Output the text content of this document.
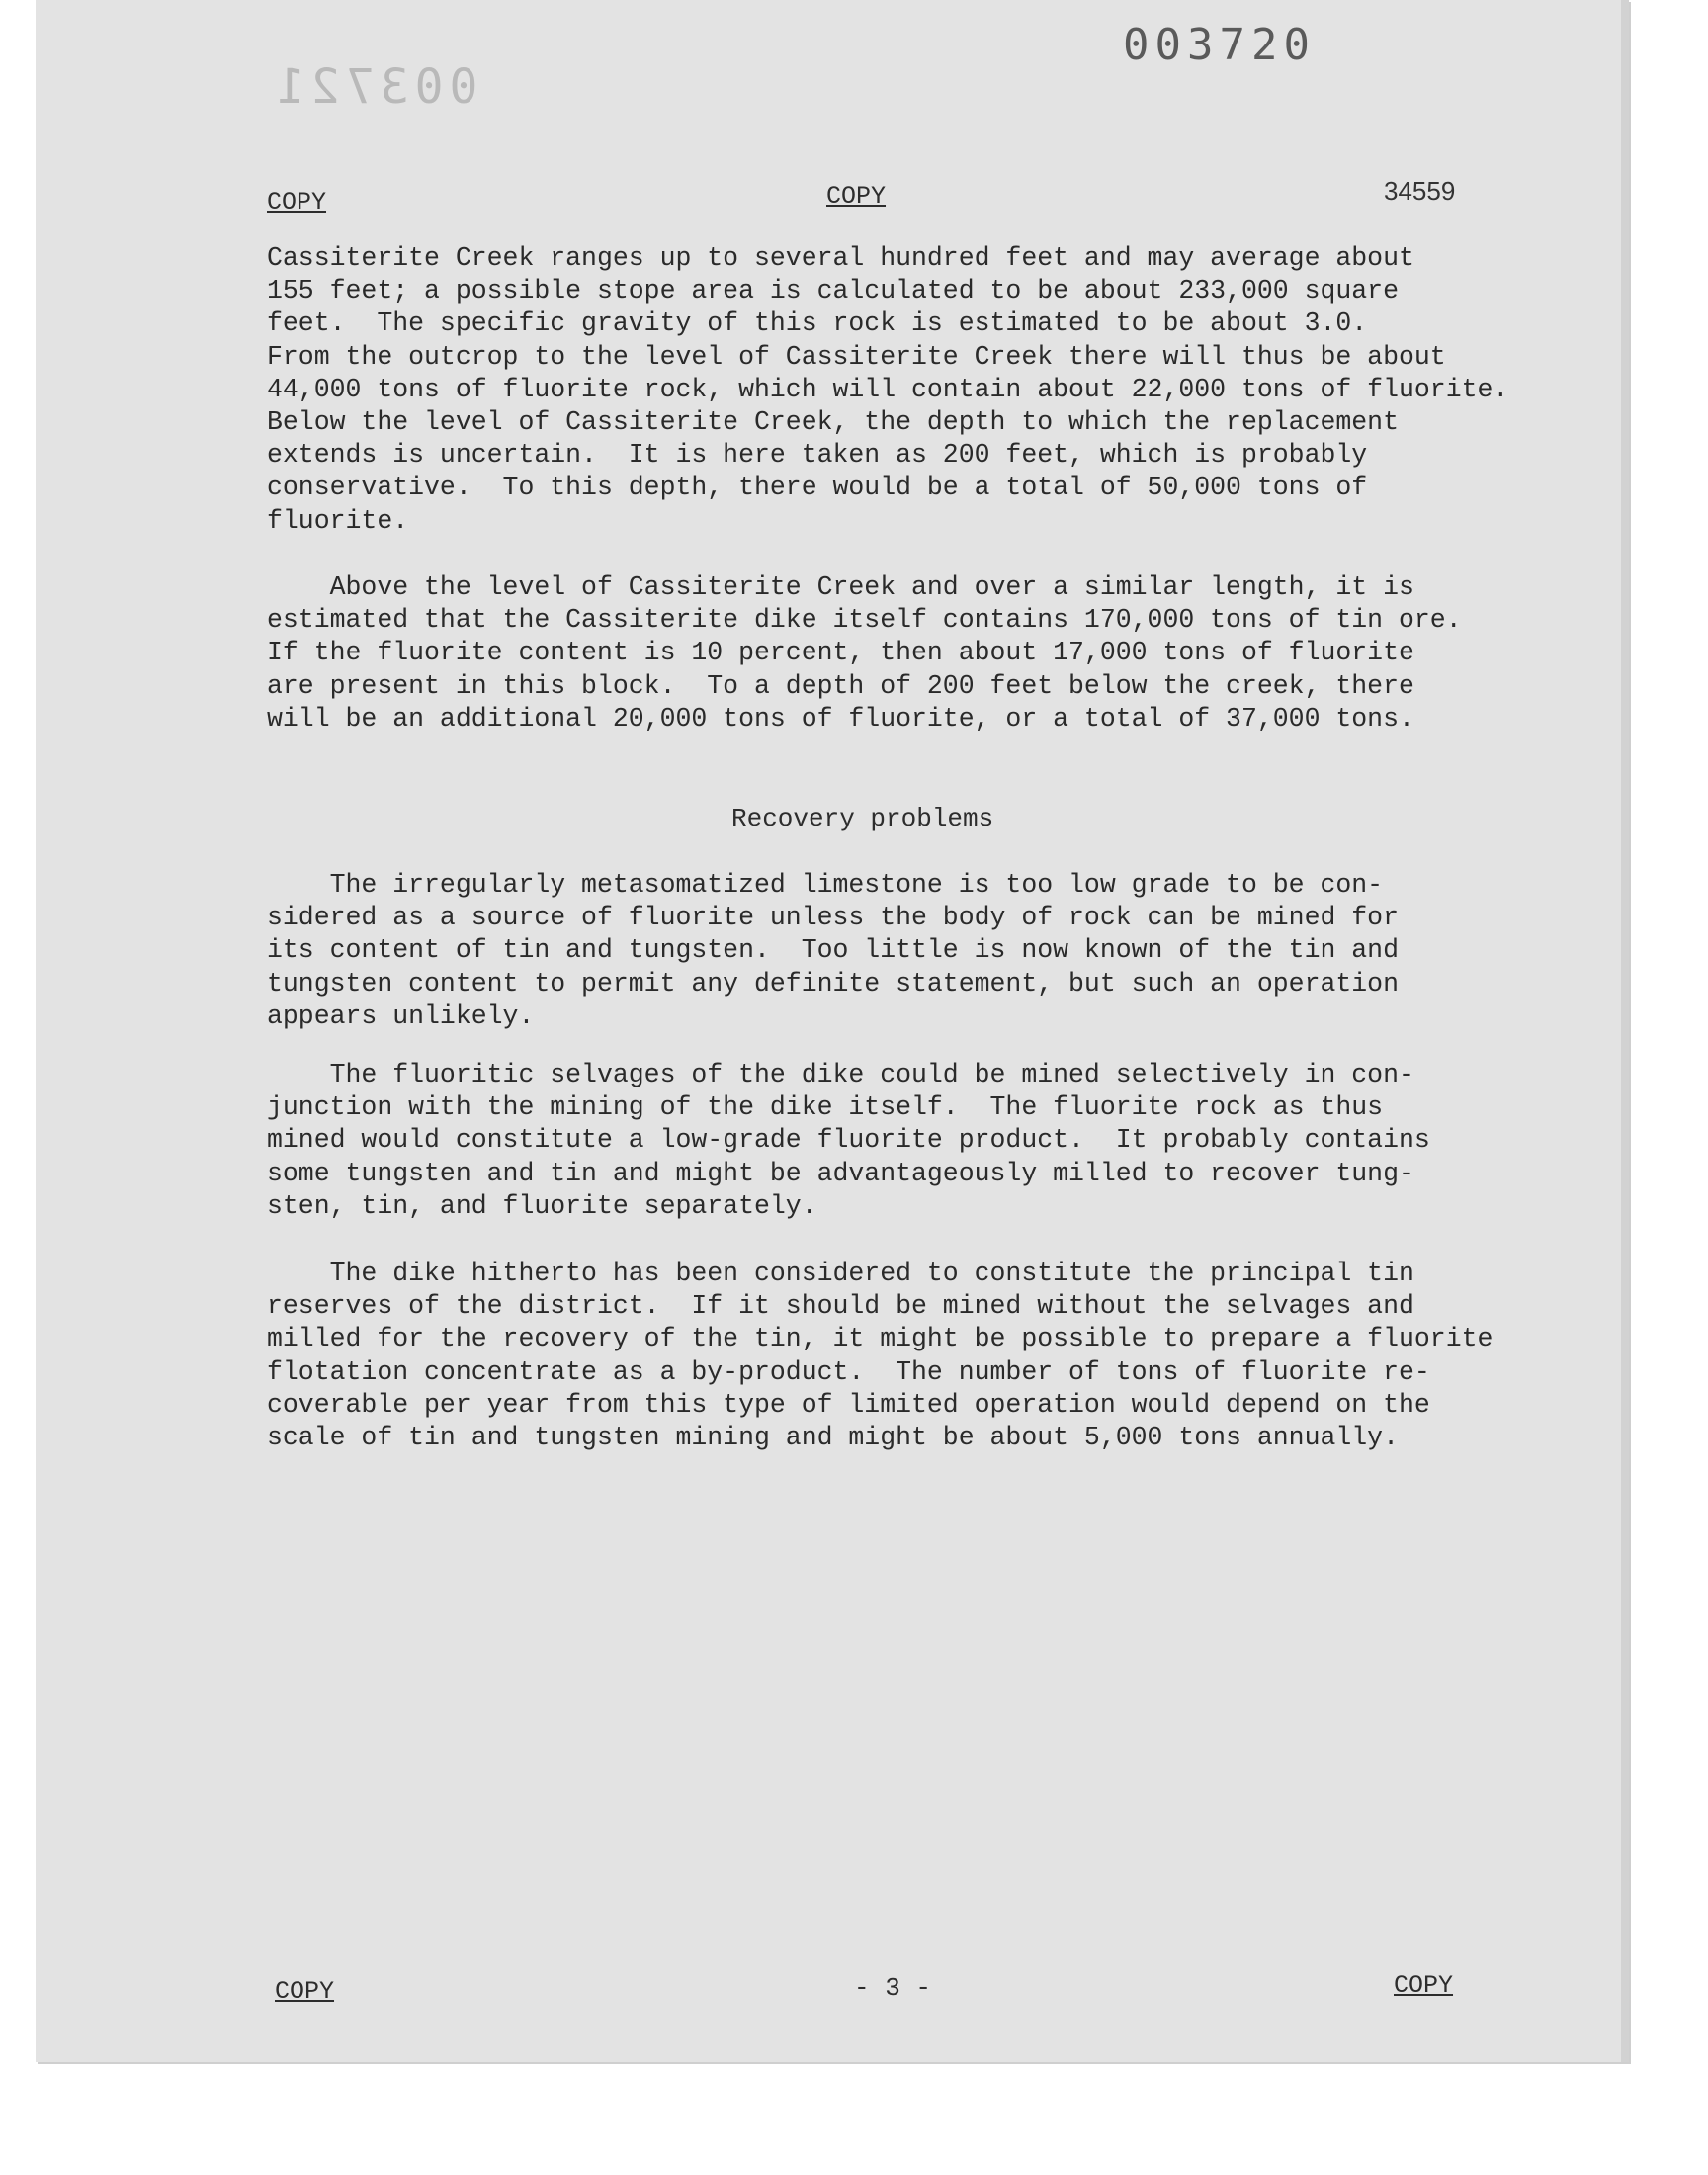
003720
003721
COPY	COPY	34559
Cassiterite Creek ranges up to several hundred feet and may average about
155 feet; a possible stope area is calculated to be about 233,000 square
feet.  The specific gravity of this rock is estimated to be about 3.0.
From the outcrop to the level of Cassiterite Creek there will thus be about
44,000 tons of fluorite rock, which will contain about 22,000 tons of fluorite.
Below the level of Cassiterite Creek, the depth to which the replacement
extends is uncertain.  It is here taken as 200 feet, which is probably
conservative.  To this depth, there would be a total of 50,000 tons of
fluorite.
Above the level of Cassiterite Creek and over a similar length, it is
estimated that the Cassiterite dike itself contains 170,000 tons of tin ore.
If the fluorite content is 10 percent, then about 17,000 tons of fluorite
are present in this block.  To a depth of 200 feet below the creek, there
will be an additional 20,000 tons of fluorite, or a total of 37,000 tons.
Recovery problems
The irregularly metasomatized limestone is too low grade to be con-
sidered as a source of fluorite unless the body of rock can be mined for
its content of tin and tungsten.  Too little is now known of the tin and
tungsten content to permit any definite statement, but such an operation
appears unlikely.
The fluoritic selvages of the dike could be mined selectively in con-
junction with the mining of the dike itself.  The fluorite rock as thus
mined would constitute a low-grade fluorite product.  It probably contains
some tungsten and tin and might be advantageously milled to recover tung-
sten, tin, and fluorite separately.
The dike hitherto has been considered to constitute the principal tin
reserves of the district.  If it should be mined without the selvages and
milled for the recovery of the tin, it might be possible to prepare a fluorite
flotation concentrate as a by-product.  The number of tons of fluorite re-
coverable per year from this type of limited operation would depend on the
scale of tin and tungsten mining and might be about 5,000 tons annually.
COPY	- 3 -	COPY
